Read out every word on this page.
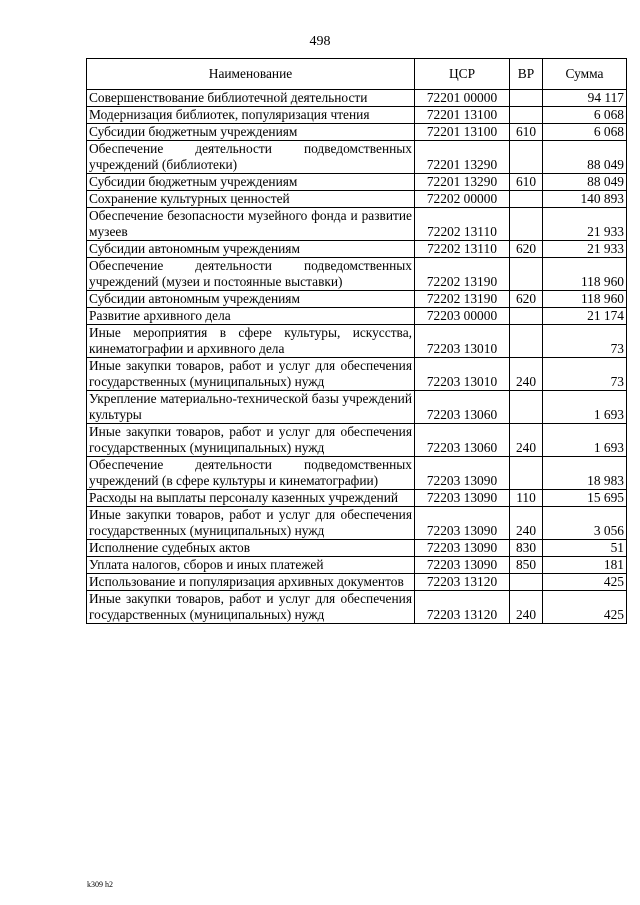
498
Наименование	ЦСР	ВР	Сумма
Совершенствование библиотечной деятельности	72201 00000		94 117
Модернизация библиотек, популяризация чтения	72201 13100		6 068
Субсидии бюджетным учреждениям	72201 13100	610	6 068
Обеспечение деятельности подведомственных учреждений (библиотеки)	72201 13290		88 049
Субсидии бюджетным учреждениям	72201 13290	610	88 049
Сохранение культурных ценностей	72202 00000		140 893
Обеспечение безопасности музейного фонда и развитие музеев	72202 13110		21 933
Субсидии автономным учреждениям	72202 13110	620	21 933
Обеспечение деятельности подведомственных учреждений (музеи и постоянные выставки)	72202 13190		118 960
Субсидии автономным учреждениям	72202 13190	620	118 960
Развитие архивного дела	72203 00000		21 174
Иные мероприятия в сфере культуры, искусства, кинематографии и архивного дела	72203 13010		73
Иные закупки товаров, работ и услуг для обеспечения государственных (муниципальных) нужд	72203 13010	240	73
Укрепление материально-технической базы учреждений культуры	72203 13060		1 693
Иные закупки товаров, работ и услуг для обеспечения государственных (муниципальных) нужд	72203 13060	240	1 693
Обеспечение деятельности подведомственных учреждений (в сфере культуры и кинематографии)	72203 13090		18 983
Расходы на выплаты персоналу казенных учреждений	72203 13090	110	15 695
Иные закупки товаров, работ и услуг для обеспечения государственных (муниципальных) нужд	72203 13090	240	3 056
Исполнение судебных актов	72203 13090	830	51
Уплата налогов, сборов и иных платежей	72203 13090	850	181
Использование и популяризация архивных документов	72203 13120		425
Иные закупки товаров, работ и услуг для обеспечения государственных (муниципальных) нужд	72203 13120	240	425
k309 h2
